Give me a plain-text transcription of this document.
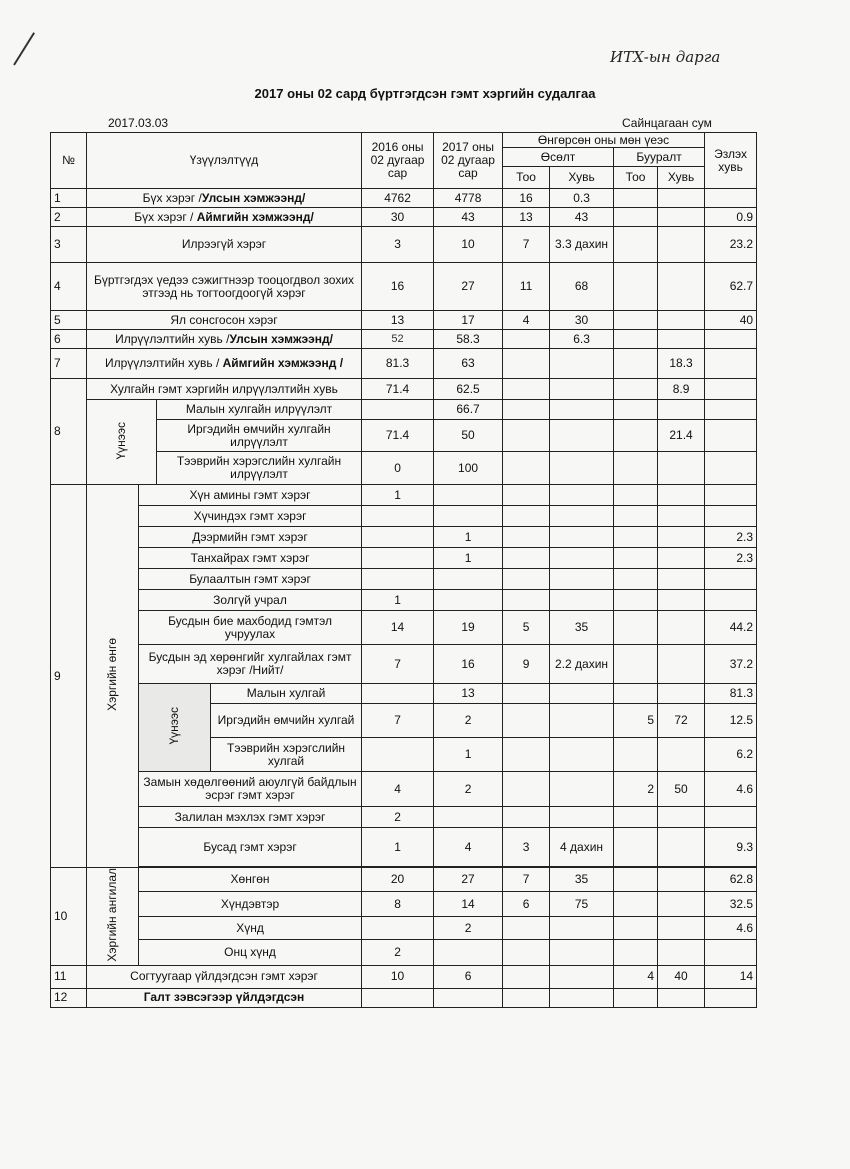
ИТХ-ын дарга
2017 оны 02 сард бүртгэгдсэн гэмт хэргийн судалгаа
2017.03.03	Сайнцагаан сум
№	Үзүүлэлтүүд				2016 оны 02 дугаар сар	2017 оны 02 дугаар сар	Өнгөрсөн оны мөн үеэс				Эзлэх хувь
							Өсөлт		Бууралт		
							Тоо	Хувь	Тоо	Хувь	
1	Бүх хэрэг /Улсын хэмжээнд/				4762	4778	16	0.3			
2	Бүх хэрэг / Аймгийн хэмжээнд/				30	43	13	43			0.9
3	Илрээгүй хэрэг				3	10	7	3.3 дахин			23.2
4	Бүртгэгдэх үедээ сэжигтнээр тооцогдвол зохих этгээд нь тогтоогдоогүй хэрэг				16	27	11	68			62.7
5	Ял сонсгосон хэрэг				13	17	4	30			40
6	Илрүүлэлтийн хувь /Улсын хэмжээнд/				52	58.3		6.3			
7	Илрүүлэлтийн хувь / Аймгийн хэмжээнд /				81.3	63				18.3	
8	Хулгайн гэмт хэргийн илрүүлэлтийн хувь				71.4	62.5				8.9	
	Үүнээс		Малын хулгайн илрүүлэлт			66.7					
			Иргэдийн өмчийн хулгайн илрүүлэлт		71.4	50				21.4	
			Тээврийн хэрэгслийн хулгайн илрүүлэлт		0	100					
9	Хэргийн өнгө	Хүн амины гэмт хэрэг			1						
		Хүчиндэх гэмт хэрэг									
		Дээрмийн гэмт хэрэг				1					2.3
		Танхайрах гэмт хэрэг				1					2.3
		Булаалтын гэмт хэрэг									
		Золгүй учрал			1						
		Бусдын бие махбодид гэмтэл учруулах			14	19	5	35			44.2
		Бусдын эд хөрөнгийг хулгайлах гэмт хэрэг /Нийт/			7	16	9	2.2 дахин			37.2
		Үүнээс		Малын хулгай		13					81.3
				Иргэдийн өмчийн хулгай	7	2			5	72	12.5
				Тээврийн хэрэгслийн хулгай		1					6.2
		Замын хөдөлгөөний аюулгүй байдлын эсрэг гэмт хэрэг			4	2			2	50	4.6
		Залилан мэхлэх гэмт хэрэг			2						
		Бусад гэмт хэрэг			1	4	3	4 дахин			9.3

10	Хэргийн ангилал	Хөнгөн			20	27	7	35			62.8
		Хүндэвтэр			8	14	6	75			32.5
		Хүнд				2					4.6
		Онц хүнд			2						
11	Согтуугаар үйлдэгдсэн гэмт хэрэг				10	6			4	40	14
12	Галт зэвсэгээр үйлдэгдсэн										
